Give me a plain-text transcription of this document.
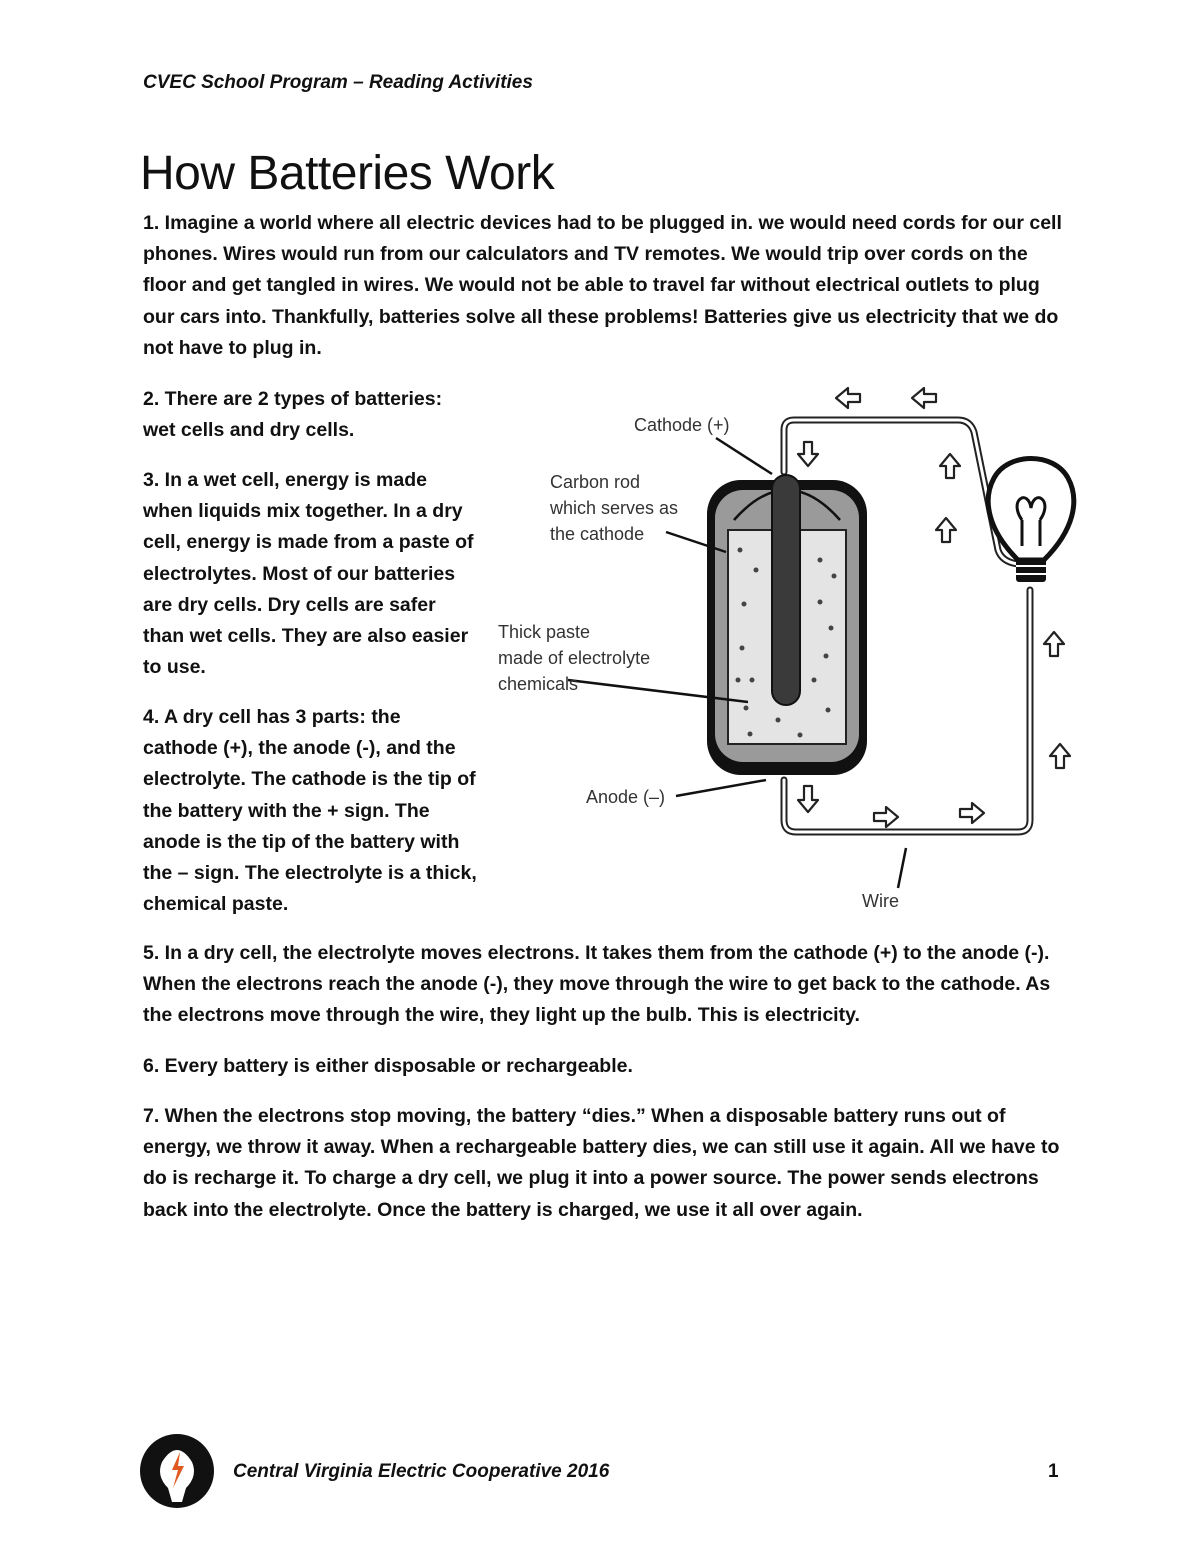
CVEC School Program – Reading Activities
How Batteries Work

1. Imagine a world where all electric devices had to be plugged in. we would need cords for our cell phones. Wires would run from our calculators and TV remotes. We would trip over cords on the floor and get tangled in wires. We would not be able to travel far without electrical outlets to plug our cars into. Thankfully, batteries solve all these problems! Batteries give us electricity that we do not have to plug in.

2. There are 2 types of batteries: wet cells and dry cells.

3. In a wet cell, energy is made when liquids mix together. In a dry cell, energy is made from a paste of electrolytes. Most of our batteries are dry cells. Dry cells are safer than wet cells. They are also easier to use.

4. A dry cell has 3 parts: the cathode (+), the anode (-), and the electrolyte. The cathode is the tip of the battery with the + sign. The anode is the tip of the battery with the – sign. The electrolyte is a thick, chemical paste.

Cathode (+)
Carbon rod
which serves as
the cathode
Thick paste
made of electrolyte
chemicals
Anode (–)
Wire

5. In a dry cell, the electrolyte moves electrons. It takes them from the cathode (+) to the anode (-). When the electrons reach the anode (-), they move through the wire to get back to the cathode. As the electrons move through the wire, they light up the bulb. This is electricity.

6. Every battery is either disposable or rechargeable.

7. When the electrons stop moving, the battery “dies.” When a disposable battery runs out of energy, we throw it away. When a rechargeable battery dies, we can still use it again. All we have to do is recharge it. To charge a dry cell, we plug it into a power source. The power sends electrons back into the electrolyte. Once the battery is charged, we use it all over again.

Central Virginia Electric Cooperative 2016	1
